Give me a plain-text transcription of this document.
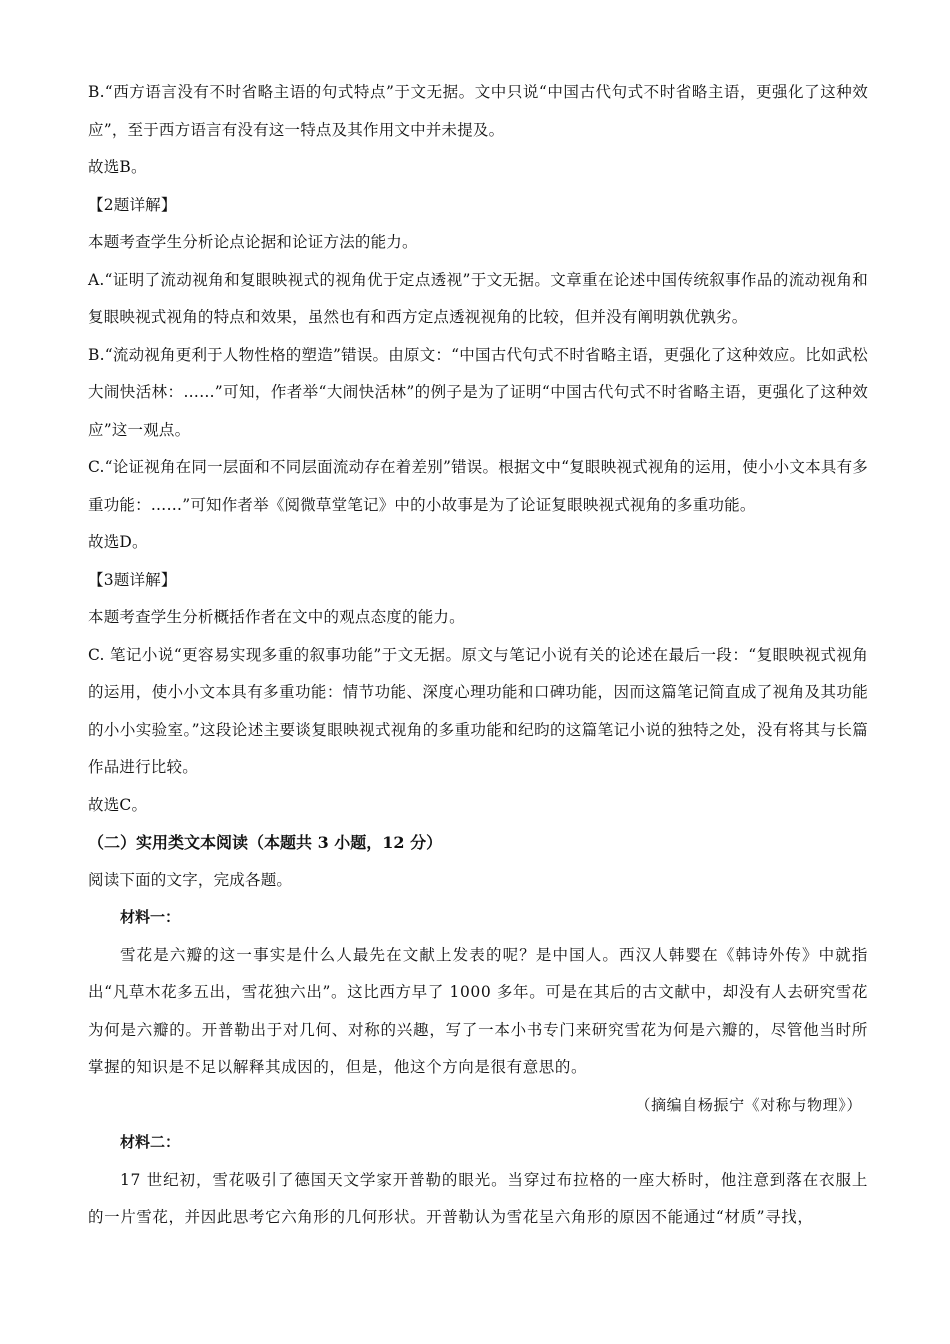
B.“西方语言没有不时省略主语的句式特点”于文无据。文中只说“中国古代句式不时省略主语，更强化了这种效应”，至于西方语言有没有这一特点及其作用文中并未提及。

故选B。

【2题详解】

本题考查学生分析论点论据和论证方法的能力。

A.“证明了流动视角和复眼映视式的视角优于定点透视”于文无据。文章重在论述中国传统叙事作品的流动视角和复眼映视式视角的特点和效果，虽然也有和西方定点透视视角的比较，但并没有阐明孰优孰劣。

B.“流动视角更利于人物性格的塑造”错误。由原文：“中国古代句式不时省略主语，更强化了这种效应。比如武松大闹快活林：……”可知，作者举“大闹快活林”的例子是为了证明“中国古代句式不时省略主语，更强化了这种效应”这一观点。

C.“论证视角在同一层面和不同层面流动存在着差别”错误。根据文中“复眼映视式视角的运用，使小小文本具有多重功能：……”可知作者举《阅微草堂笔记》中的小故事是为了论证复眼映视式视角的多重功能。

故选D。

【3题详解】

本题考查学生分析概括作者在文中的观点态度的能力。

C. 笔记小说“更容易实现多重的叙事功能”于文无据。原文与笔记小说有关的论述在最后一段：“复眼映视式视角的运用，使小小文本具有多重功能：情节功能、深度心理功能和口碑功能，因而这篇笔记简直成了视角及其功能的小小实验室。”这段论述主要谈复眼映视式视角的多重功能和纪昀的这篇笔记小说的独特之处，没有将其与长篇作品进行比较。

故选C。

（二）实用类文本阅读（本题共 3 小题，12 分）

阅读下面的文字，完成各题。

材料一：

雪花是六瓣的这一事实是什么人最先在文献上发表的呢？是中国人。西汉人韩婴在《韩诗外传》中就指出“凡草木花多五出，雪花独六出”。这比西方早了 1000 多年。可是在其后的古文献中，却没有人去研究雪花为何是六瓣的。开普勒出于对几何、对称的兴趣，写了一本小书专门来研究雪花为何是六瓣的，尽管他当时所掌握的知识是不足以解释其成因的，但是，他这个方向是很有意思的。

（摘编自杨振宁《对称与物理》）

材料二：

17 世纪初，雪花吸引了德国天文学家开普勒的眼光。当穿过布拉格的一座大桥时，他注意到落在衣服上的一片雪花，并因此思考它六角形的几何形状。开普勒认为雪花呈六角形的原因不能通过“材质”寻找，
